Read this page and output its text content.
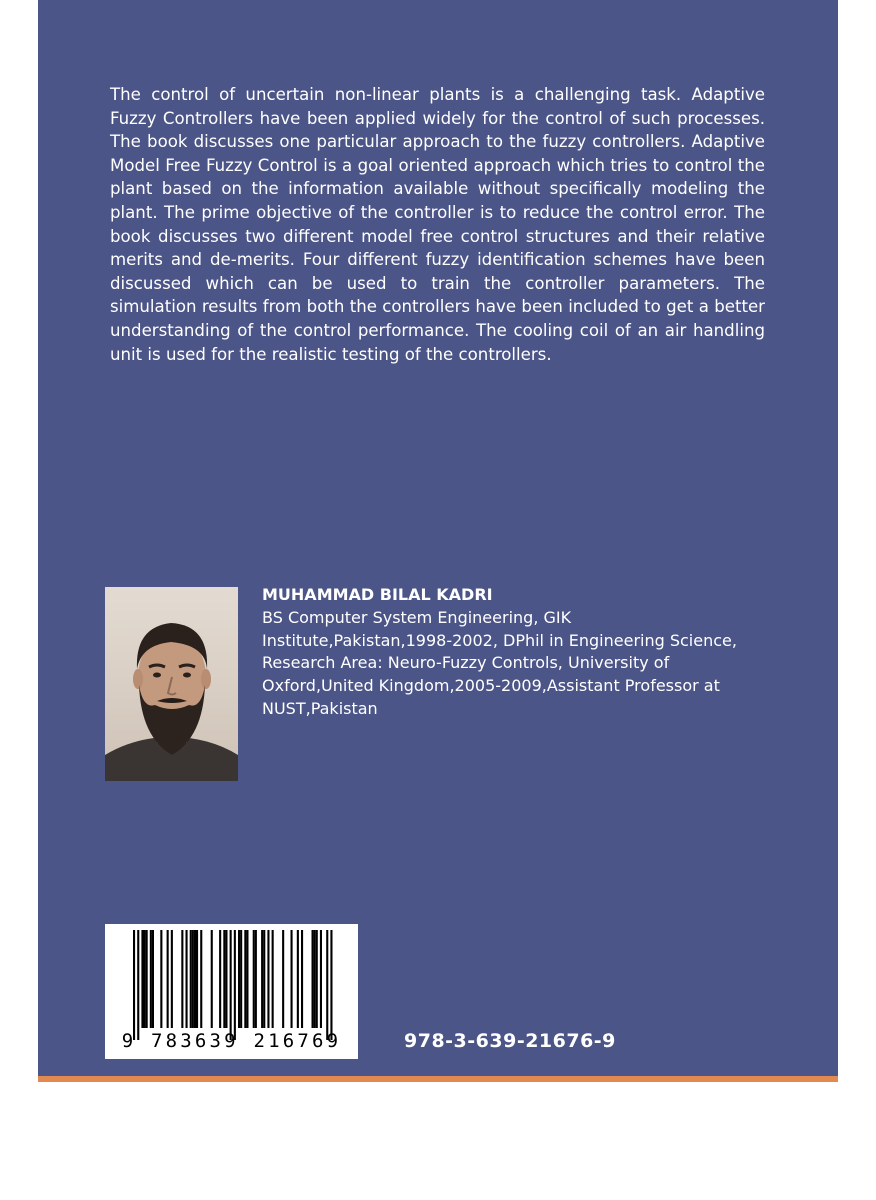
The control of uncertain non-linear plants is a challenging task. Adaptive Fuzzy Controllers have been applied widely for the control of such processes. The book discusses one particular approach to the fuzzy controllers. Adaptive Model Free Fuzzy Control is a goal oriented approach which tries to control the plant based on the information available without specifically modeling the plant. The prime objective of the controller is to reduce the control error. The book discusses two different model free control structures and their relative merits and de-merits. Four different fuzzy identification schemes have been discussed which can be used to train the controller parameters. The simulation results from both the controllers have been included to get a better understanding of the control performance. The cooling coil of an air handling unit is used for the realistic testing of the controllers.

MUHAMMAD BILAL KADRI

BS Computer System Engineering, GIK Institute,Pakistan,1998-2002, DPhil in Engineering Science, Research Area: Neuro-Fuzzy Controls, University of Oxford,United Kingdom,2005-2009,Assistant Professor at NUST,Pakistan

9 783639 216769	978-3-639-21676-9
